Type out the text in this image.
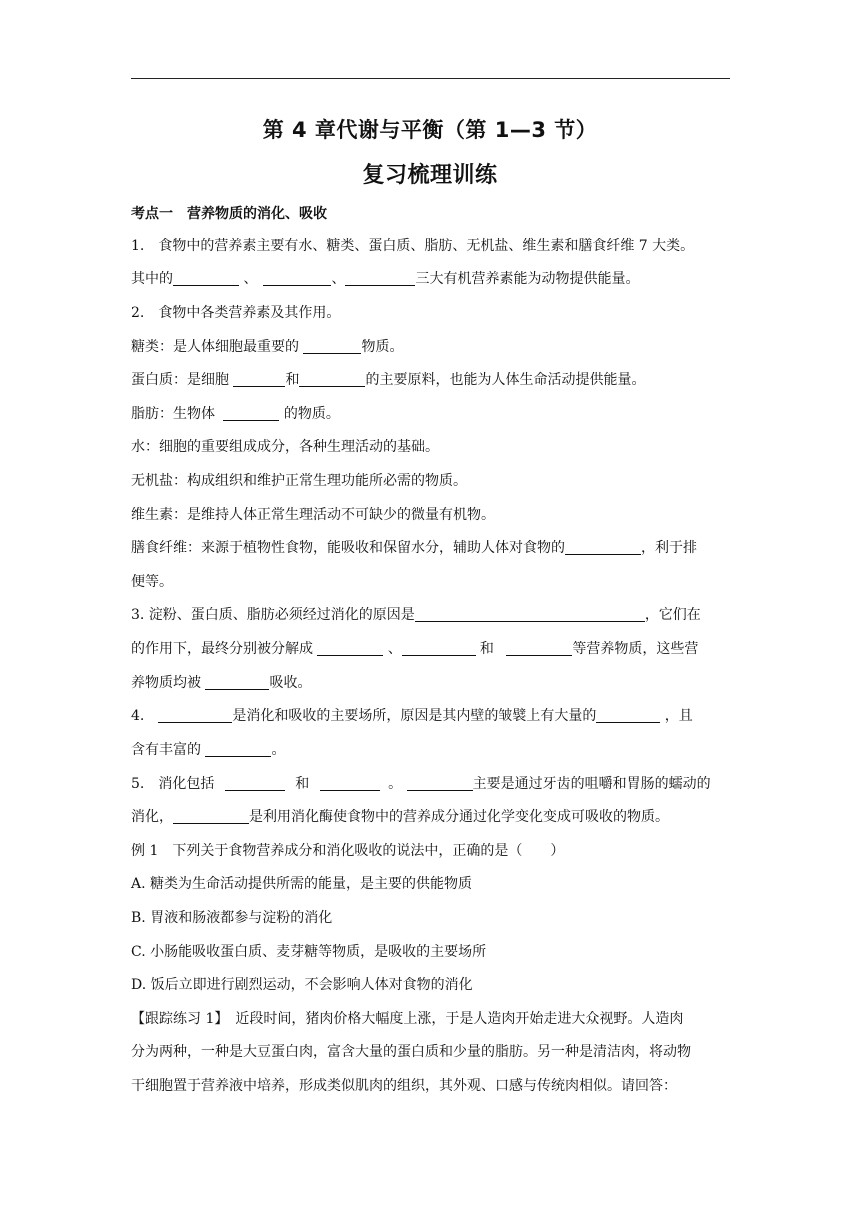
第 4 章代谢与平衡（第 1—3 节）
复习梳理训练
考点一　营养物质的消化、吸收
1.　食物中的营养素主要有水、糖类、蛋白质、脂肪、无机盐、维生素和膳食纤维 7 大类。
其中的	、	、	三大有机营养素能为动物提供能量。
2.　食物中各类营养素及其作用。
糖类：是人体细胞最重要的	物质。
蛋白质：是细胞	和	的主要原料，也能为人体生命活动提供能量。
脂肪：生物体	的物质。
水：细胞的重要组成成分，各种生理活动的基础。
无机盐：构成组织和维护正常生理功能所必需的物质。
维生素：是维持人体正常生理活动不可缺少的微量有机物。
膳食纤维：来源于植物性食物，能吸收和保留水分，辅助人体对食物的	，利于排
便等。
3. 淀粉、蛋白质、脂肪必须经过消化的原因是	，它们在
的作用下，最终分别被分解成	、	和	等营养物质，这些营
养物质均被	吸收。
4.　	是消化和吸收的主要场所，原因是其内壁的皱襞上有大量的	，且
含有丰富的	。
5.　消化包括	和	。	主要是通过牙齿的咀嚼和胃肠的蠕动的
消化，	是利用消化酶使食物中的营养成分通过化学变化变成可吸收的物质。
例 1　下列关于食物营养成分和消化吸收的说法中，正确的是（　　）
A. 糖类为生命活动提供所需的能量，是主要的供能物质
B. 胃液和肠液都参与淀粉的消化
C. 小肠能吸收蛋白质、麦芽糖等物质，是吸收的主要场所
D. 饭后立即进行剧烈运动，不会影响人体对食物的消化
【跟踪练习 1】　近段时间，猪肉价格大幅度上涨，于是人造肉开始走进大众视野。人造肉
分为两种，一种是大豆蛋白肉，富含大量的蛋白质和少量的脂肪。另一种是清洁肉，将动物
干细胞置于营养液中培养，形成类似肌肉的组织，其外观、口感与传统肉相似。请回答：
